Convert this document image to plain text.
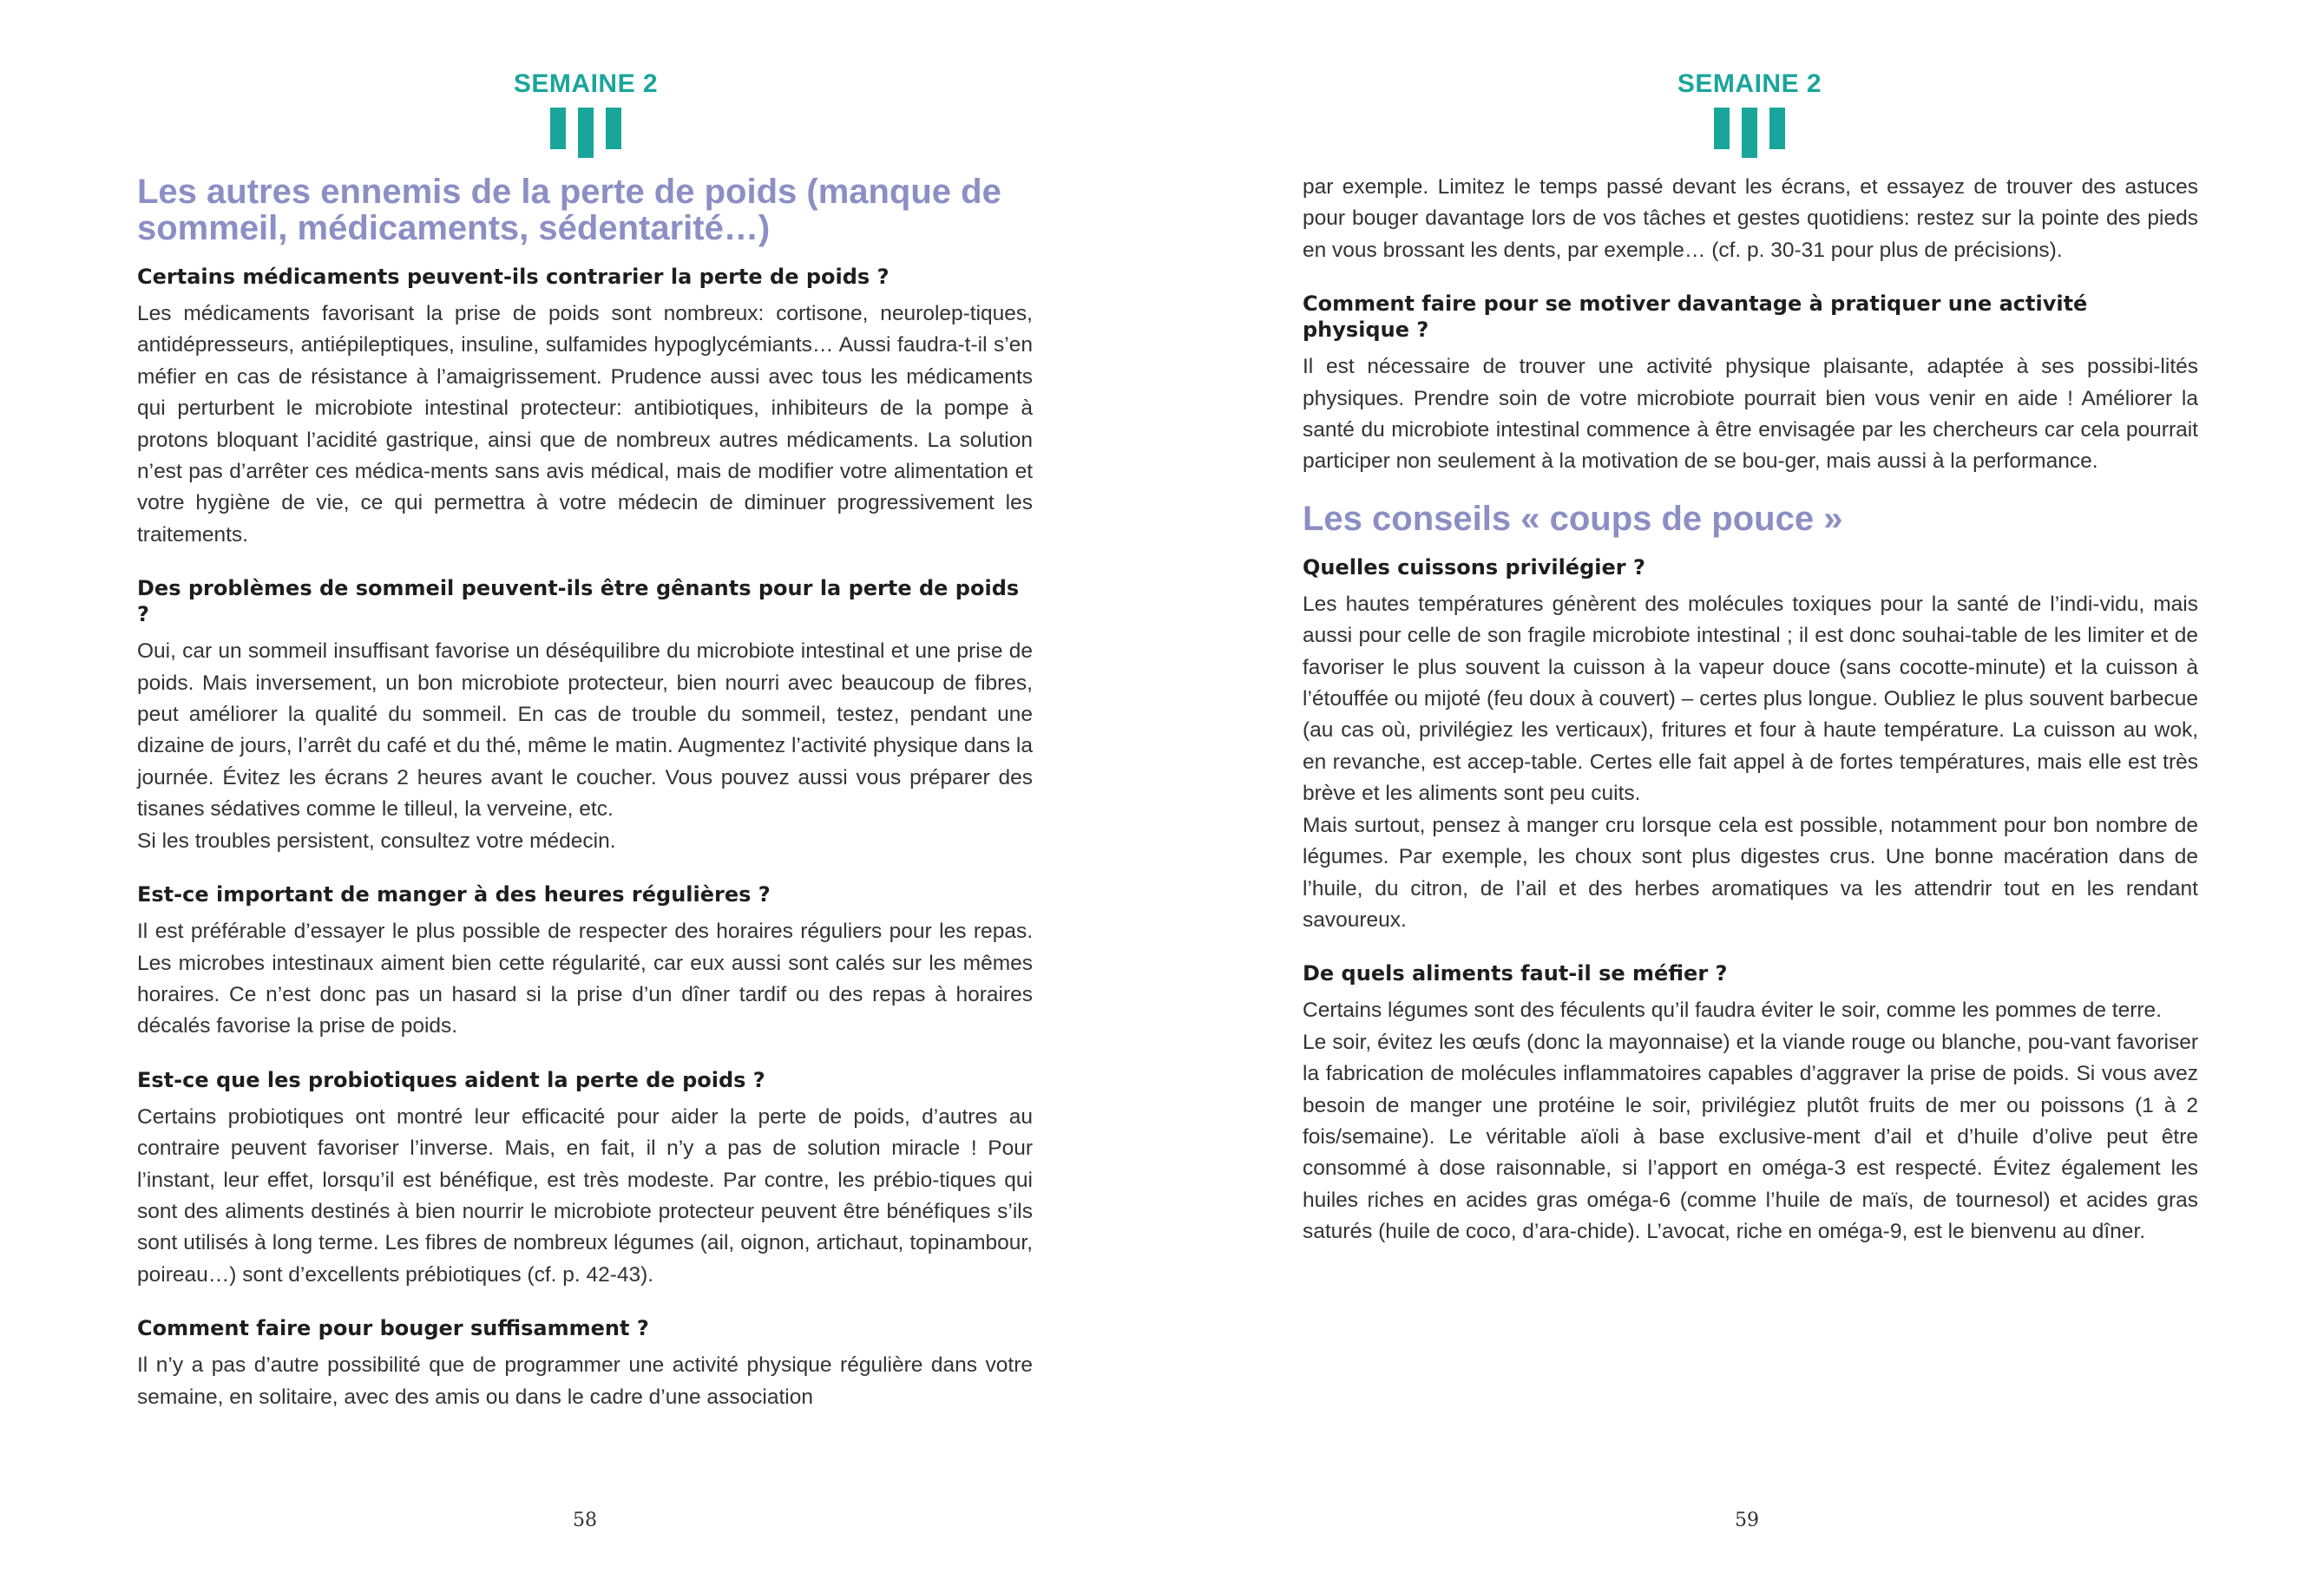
SEMAINE 2
Les autres ennemis de la perte de poids (manque de sommeil, médicaments, sédentarité…)
Certains médicaments peuvent-ils contrarier la perte de poids ?

Les médicaments favorisant la prise de poids sont nombreux: cortisone, neurolep-tiques, antidépresseurs, antiépileptiques, insuline, sulfamides hypoglycémiants… Aussi faudra-t-il s’en méfier en cas de résistance à l’amaigrissement. Prudence aussi avec tous les médicaments qui perturbent le microbiote intestinal protecteur: antibiotiques, inhibiteurs de la pompe à protons bloquant l’acidité gastrique, ainsi que de nombreux autres médicaments. La solution n’est pas d’arrêter ces médica-ments sans avis médical, mais de modifier votre alimentation et votre hygiène de vie, ce qui permettra à votre médecin de diminuer progressivement les traitements.

Des problèmes de sommeil peuvent-ils être gênants pour la perte de poids ?

Oui, car un sommeil insuffisant favorise un déséquilibre du microbiote intestinal et une prise de poids. Mais inversement, un bon microbiote protecteur, bien nourri avec beaucoup de fibres, peut améliorer la qualité du sommeil. En cas de trouble du sommeil, testez, pendant une dizaine de jours, l’arrêt du café et du thé, même le matin. Augmentez l’activité physique dans la journée. Évitez les écrans 2 heures avant le coucher. Vous pouvez aussi vous préparer des tisanes sédatives comme le tilleul, la verveine, etc.
Si les troubles persistent, consultez votre médecin.

Est-ce important de manger à des heures régulières ?

Il est préférable d’essayer le plus possible de respecter des horaires réguliers pour les repas. Les microbes intestinaux aiment bien cette régularité, car eux aussi sont calés sur les mêmes horaires. Ce n’est donc pas un hasard si la prise d’un dîner tardif ou des repas à horaires décalés favorise la prise de poids.

Est-ce que les probiotiques aident la perte de poids ?

Certains probiotiques ont montré leur efficacité pour aider la perte de poids, d’autres au contraire peuvent favoriser l’inverse. Mais, en fait, il n’y a pas de solution miracle ! Pour l’instant, leur effet, lorsqu’il est bénéfique, est très modeste. Par contre, les prébio-tiques qui sont des aliments destinés à bien nourrir le microbiote protecteur peuvent être bénéfiques s’ils sont utilisés à long terme. Les fibres de nombreux légumes (ail, oignon, artichaut, topinambour, poireau…) sont d’excellents prébiotiques (cf. p. 42-43).

Comment faire pour bouger suffisamment ?

Il n’y a pas d’autre possibilité que de programmer une activité physique régulière dans votre semaine, en solitaire, avec des amis ou dans le cadre d’une association

58
SEMAINE 2

par exemple. Limitez le temps passé devant les écrans, et essayez de trouver des astuces pour bouger davantage lors de vos tâches et gestes quotidiens: restez sur la pointe des pieds en vous brossant les dents, par exemple… (cf. p. 30-31 pour plus de précisions).

Comment faire pour se motiver davantage à pratiquer une activité physique ?

Il est nécessaire de trouver une activité physique plaisante, adaptée à ses possibi-lités physiques. Prendre soin de votre microbiote pourrait bien vous venir en aide ! Améliorer la santé du microbiote intestinal commence à être envisagée par les chercheurs car cela pourrait participer non seulement à la motivation de se bou-ger, mais aussi à la performance.

Les conseils « coups de pouce »
Quelles cuissons privilégier ?

Les hautes températures génèrent des molécules toxiques pour la santé de l’indi-vidu, mais aussi pour celle de son fragile microbiote intestinal ; il est donc souhai-table de les limiter et de favoriser le plus souvent la cuisson à la vapeur douce (sans cocotte-minute) et la cuisson à l’étouffée ou mijoté (feu doux à couvert) – certes plus longue. Oubliez le plus souvent barbecue (au cas où, privilégiez les verticaux), fritures et four à haute température. La cuisson au wok, en revanche, est accep-table. Certes elle fait appel à de fortes températures, mais elle est très brève et les aliments sont peu cuits.
Mais surtout, pensez à manger cru lorsque cela est possible, notamment pour bon nombre de légumes. Par exemple, les choux sont plus digestes crus. Une bonne macération dans de l’huile, du citron, de l’ail et des herbes aromatiques va les attendrir tout en les rendant savoureux.

De quels aliments faut-il se méfier ?

Certains légumes sont des féculents qu’il faudra éviter le soir, comme les pommes de terre.
Le soir, évitez les œufs (donc la mayonnaise) et la viande rouge ou blanche, pou-vant favoriser la fabrication de molécules inflammatoires capables d’aggraver la prise de poids. Si vous avez besoin de manger une protéine le soir, privilégiez plutôt fruits de mer ou poissons (1 à 2 fois/semaine). Le véritable aïoli à base exclusive-ment d’ail et d’huile d’olive peut être consommé à dose raisonnable, si l’apport en oméga-3 est respecté. Évitez également les huiles riches en acides gras oméga-6 (comme l’huile de maïs, de tournesol) et acides gras saturés (huile de coco, d’ara-chide). L’avocat, riche en oméga-9, est le bienvenu au dîner.

59
